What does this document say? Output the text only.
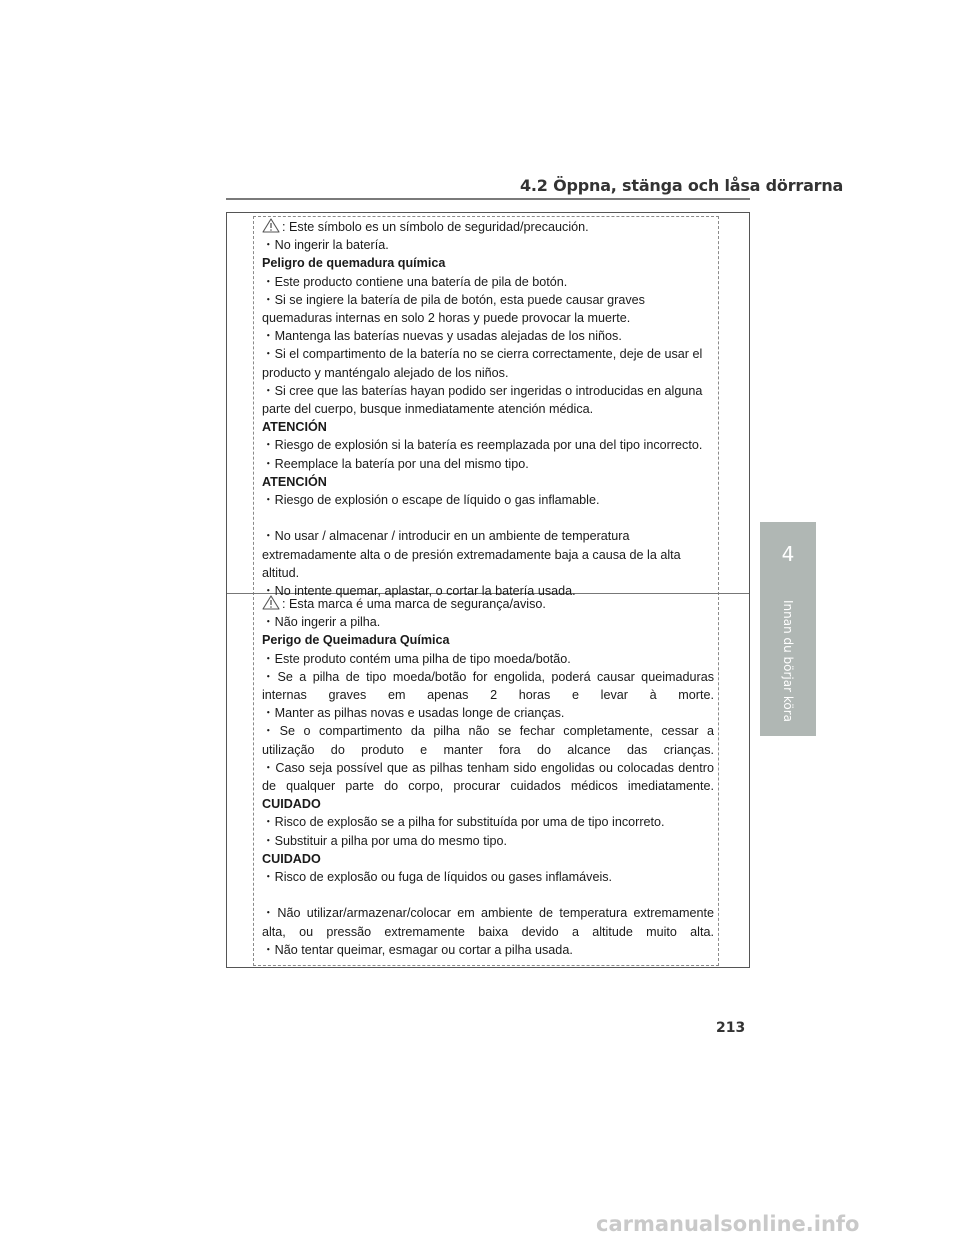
4.2 Öppna, stänga och låsa dörrarna
4
Innan du börjar köra
: Este símbolo es un símbolo de seguridad/precaución.
・No ingerir la batería.
Peligro de quemadura química
・Este producto contiene una batería de pila de botón.
・Si se ingiere la batería de pila de botón, esta puede causar graves quemaduras internas en solo 2 horas y puede provocar la muerte.
・Mantenga las baterías nuevas y usadas alejadas de los niños.
・Si el compartimento de la batería no se cierra correctamente, deje de usar el producto y manténgalo alejado de los niños.
・Si cree que las baterías hayan podido ser ingeridas o introducidas en alguna parte del cuerpo, busque inmediatamente atención médica.
ATENCIÓN
・Riesgo de explosión si la batería es reemplazada por una del tipo incorrecto.
・Reemplace la batería por una del mismo tipo.
ATENCIÓN
・Riesgo de explosión o escape de líquido o gas inflamable.
・No usar / almacenar / introducir en un ambiente de temperatura extremadamente alta o de presión extremadamente baja a causa de la alta altitud.
・No intente quemar, aplastar, o cortar la batería usada.
: Esta marca é uma marca de segurança/aviso.
・Não ingerir a pilha.
Perigo de Queimadura Química
・Este produto contém uma pilha de tipo moeda/botão.
・Se a pilha de tipo moeda/botão for engolida, poderá causar queimaduras internas graves em apenas 2 horas e levar à morte.
・Manter as pilhas novas e usadas longe de crianças.
・Se o compartimento da pilha não se fechar completamente, cessar a utilização do produto e manter fora do alcance das crianças.
・Caso seja possível que as pilhas tenham sido engolidas ou colocadas dentro de qualquer parte do corpo, procurar cuidados médicos imediatamente.
CUIDADO
・Risco de explosão se a pilha for substituída por uma de tipo incorreto.
・Substituir a pilha por uma do mesmo tipo.
CUIDADO
・Risco de explosão ou fuga de líquidos ou gases inflamáveis.
・Não utilizar/armazenar/colocar em ambiente de temperatura extremamente alta, ou pressão extremamente baixa devido a altitude muito alta.
・Não tentar queimar, esmagar ou cortar a pilha usada.
213
carmanualsonline.info
